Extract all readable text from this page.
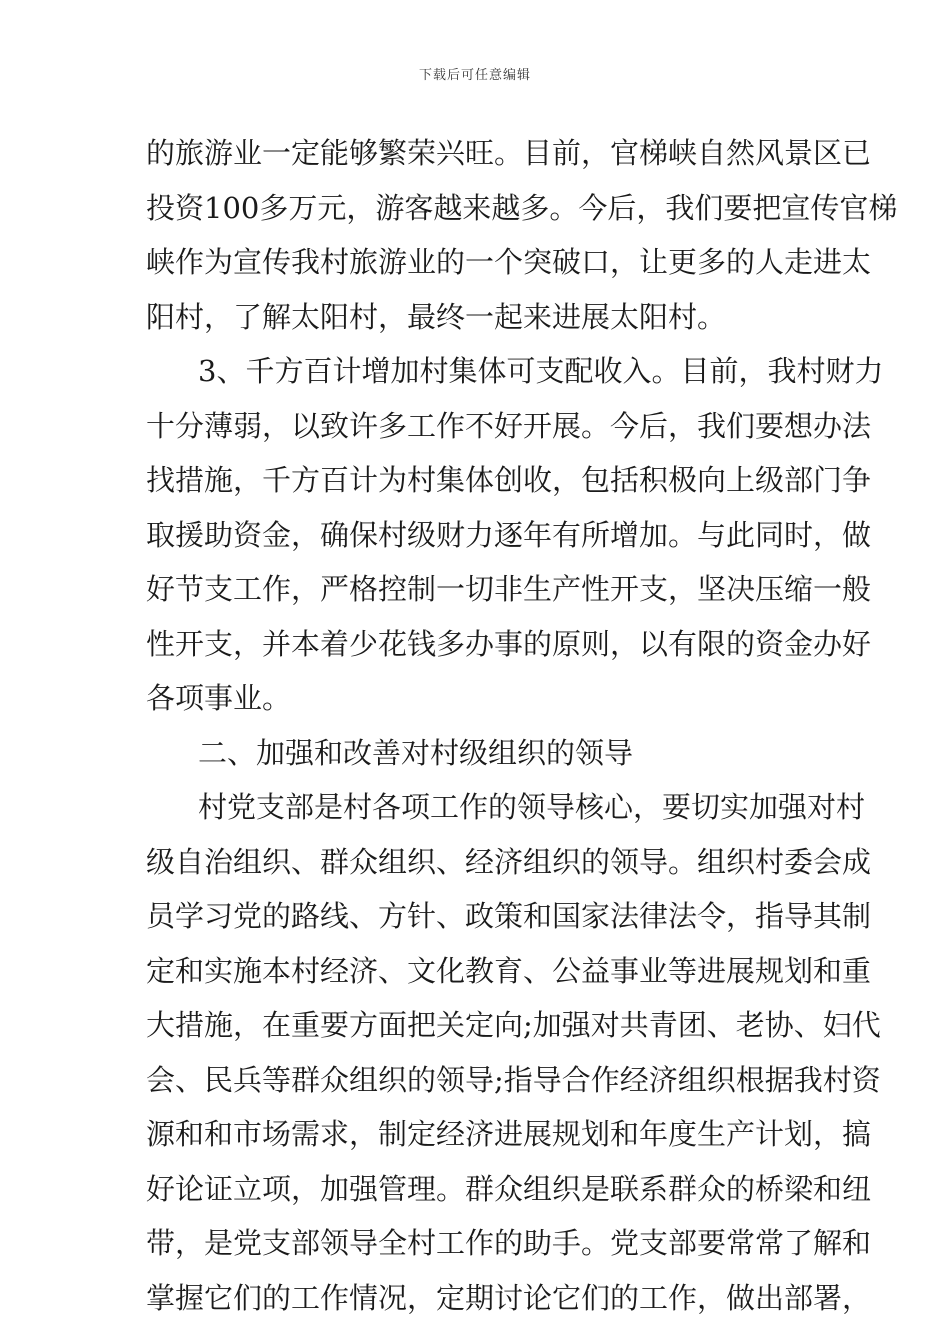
下载后可任意编辑
的旅游业一定能够繁荣兴旺。目前，官梯峡自然风景区已
投资100多万元，游客越来越多。今后，我们要把宣传官梯
峡作为宣传我村旅游业的一个突破口，让更多的人走进太
阳村，了解太阳村，最终一起来进展太阳村。
3、千方百计增加村集体可支配收入。目前，我村财力
十分薄弱，以致许多工作不好开展。今后，我们要想办法
找措施，千方百计为村集体创收，包括积极向上级部门争
取援助资金，确保村级财力逐年有所增加。与此同时，做
好节支工作，严格控制一切非生产性开支，坚决压缩一般
性开支，并本着少花钱多办事的原则，以有限的资金办好
各项事业。
二、加强和改善对村级组织的领导
村党支部是村各项工作的领导核心，要切实加强对村
级自治组织、群众组织、经济组织的领导。组织村委会成
员学习党的路线、方针、政策和国家法律法令，指导其制
定和实施本村经济、文化教育、公益事业等进展规划和重
大措施，在重要方面把关定向;加强对共青团、老协、妇代
会、民兵等群众组织的领导;指导合作经济组织根据我村资
源和和市场需求，制定经济进展规划和年度生产计划，搞
好论证立项，加强管理。群众组织是联系群众的桥梁和纽
带，是党支部领导全村工作的助手。党支部要常常了解和
掌握它们的工作情况，定期讨论它们的工作，做出部署，
